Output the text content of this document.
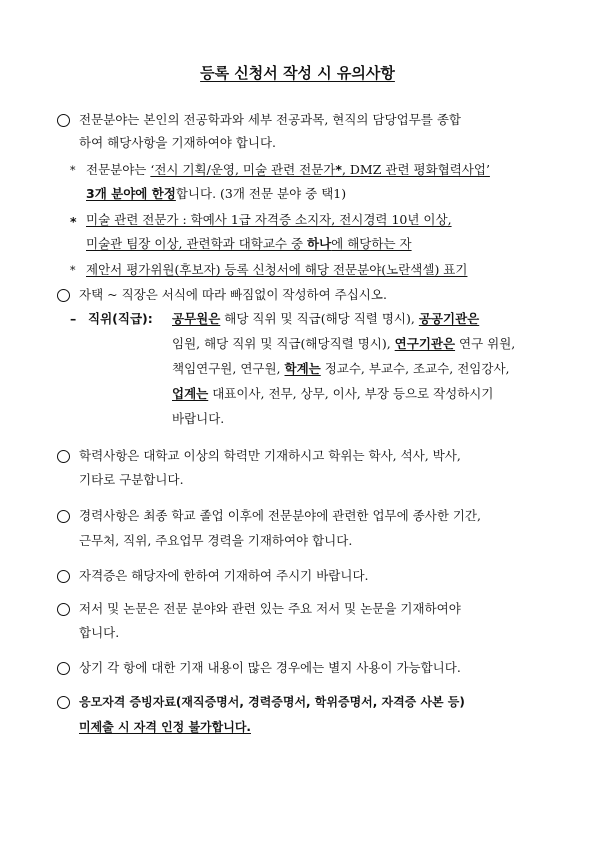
등록 신청서 작성 시 유의사항
전문분야는 본인의 전공학과와 세부 전공과목, 현직의 담당업무를 종합
하여 해당사항을 기재하여야 합니다.
* 전문분야는 ‘전시 기획/운영, 미술 관련 전문가*, DMZ 관련 평화협력사업’
3개 분야에 한정합니다. (3개 전문 분야 중 택1)
* 미술 관련 전문가 : 학예사 1급 자격증 소지자, 전시경력 10년 이상,
미술관 팀장 이상, 관련학과 대학교수 중 하나에 해당하는 자
* 제안서 평가위원(후보자) 등록 신청서에 해당 전문분야(노란색셀) 표기
자택 ~ 직장은 서식에 따라 빠짐없이 작성하여 주십시오.
– 직위(직급): 공무원은 해당 직위 및 직급(해당 직렬 명시), 공공기관은
임원, 해당 직위 및 직급(해당직렬 명시), 연구기관은 연구 위원,
책임연구원, 연구원, 학계는 정교수, 부교수, 조교수, 전임강사,
업계는 대표이사, 전무, 상무, 이사, 부장 등으로 작성하시기
바랍니다.
학력사항은 대학교 이상의 학력만 기재하시고 학위는 학사, 석사, 박사,
기타로 구분합니다.
경력사항은 최종 학교 졸업 이후에 전문분야에 관련한 업무에 종사한 기간,
근무처, 직위, 주요업무 경력을 기재하여야 합니다.
자격증은 해당자에 한하여 기재하여 주시기 바랍니다.
저서 및 논문은 전문 분야와 관련 있는 주요 저서 및 논문을 기재하여야
합니다.
상기 각 항에 대한 기재 내용이 많은 경우에는 별지 사용이 가능합니다.
응모자격 증빙자료(재직증명서, 경력증명서, 학위증명서, 자격증 사본 등)
미제출 시 자격 인정 불가합니다.
